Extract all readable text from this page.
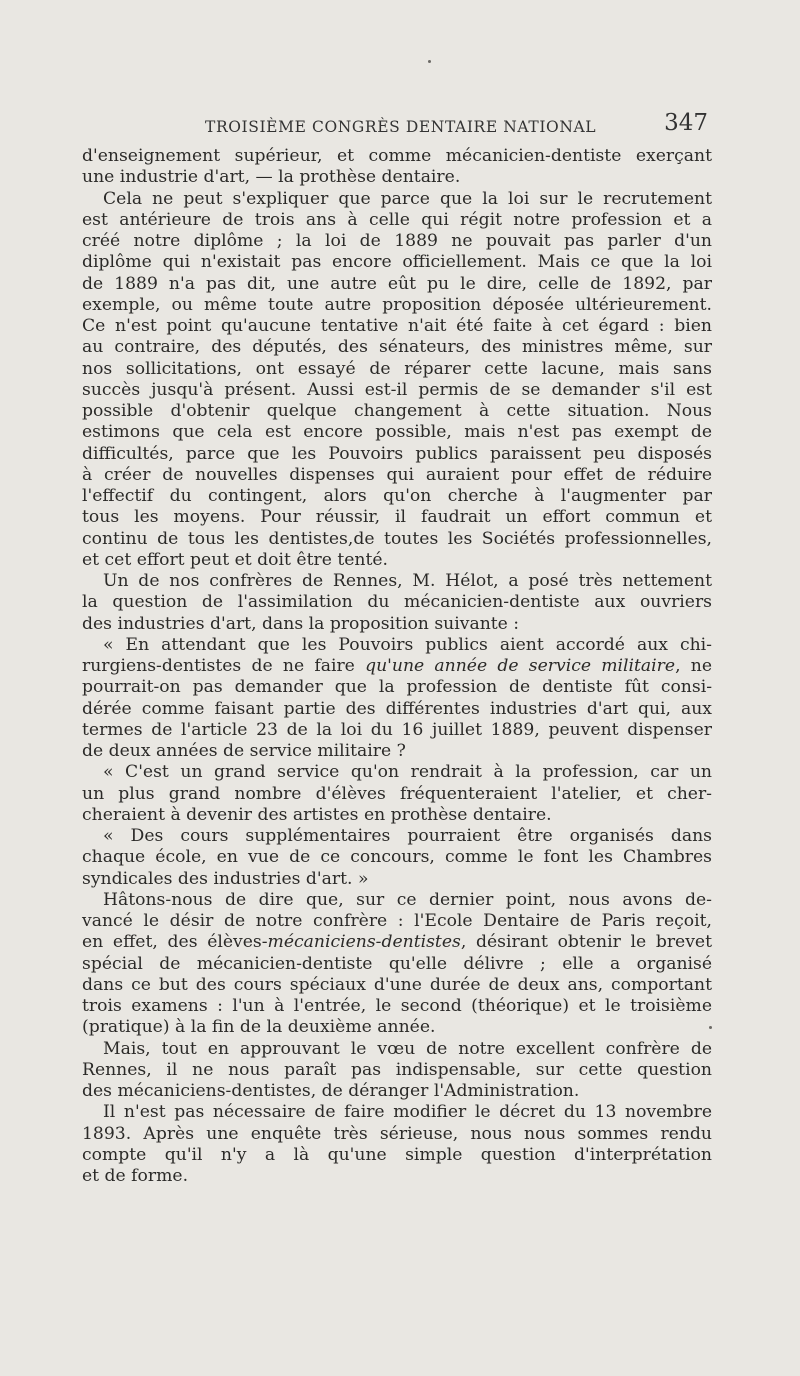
TROISIÈME CONGRÈS DENTAIRE NATIONAL	347
d'enseignement supérieur, et comme mécanicien-dentiste exerçant
une industrie d'art, — la prothèse dentaire.
Cela ne peut s'expliquer que parce que la loi sur le recrutement
est antérieure de trois ans à celle qui régit notre profession et a
créé notre diplôme ; la loi de 1889 ne pouvait pas parler d'un
diplôme qui n'existait pas encore officiellement. Mais ce que la loi
de 1889 n'a pas dit, une autre eût pu le dire, celle de 1892, par
exemple, ou même toute autre proposition déposée ultérieurement.
Ce n'est point qu'aucune tentative n'ait été faite à cet égard : bien
au contraire, des députés, des sénateurs, des ministres même, sur
nos sollicitations, ont essayé de réparer cette lacune, mais sans
succès jusqu'à présent. Aussi est-il permis de se demander s'il est
possible d'obtenir quelque changement à cette situation. Nous
estimons que cela est encore possible, mais n'est pas exempt de
difficultés, parce que les Pouvoirs publics paraissent peu disposés
à créer de nouvelles dispenses qui auraient pour effet de réduire
l'effectif du contingent, alors qu'on cherche à l'augmenter par
tous les moyens. Pour réussir, il faudrait un effort commun et
continu de tous les dentistes,de toutes les Sociétés professionnelles,
et cet effort peut et doit être tenté.
Un de nos confrères de Rennes, M. Hélot, a posé très nettement
la question de l'assimilation du mécanicien-dentiste aux ouvriers
des industries d'art, dans la proposition suivante :
« En attendant que les Pouvoirs publics aient accordé aux chi-
rurgiens-dentistes de ne faire qu'une année de service militaire, ne
pourrait-on pas demander que la profession de dentiste fût consi-
dérée comme faisant partie des différentes industries d'art qui, aux
termes de l'article 23 de la loi du 16 juillet 1889, peuvent dispenser
de deux années de service militaire ?
« C'est un grand service qu'on rendrait à la profession, car un
un plus grand nombre d'élèves fréquenteraient l'atelier, et cher-
cheraient à devenir des artistes en prothèse dentaire.
« Des cours supplémentaires pourraient être organisés dans
chaque école, en vue de ce concours, comme le font les Chambres
syndicales des industries d'art. »
Hâtons-nous de dire que, sur ce dernier point, nous avons de-
vancé le désir de notre confrère : l'Ecole Dentaire de Paris reçoit,
en effet, des élèves-mécaniciens-dentistes, désirant obtenir le brevet
spécial de mécanicien-dentiste qu'elle délivre ; elle a organisé
dans ce but des cours spéciaux d'une durée de deux ans, comportant
trois examens : l'un à l'entrée, le second (théorique) et le troisième
(pratique) à la fin de la deuxième année.
Mais, tout en approuvant le vœu de notre excellent confrère de
Rennes, il ne nous paraît pas indispensable, sur cette question
des mécaniciens-dentistes, de déranger l'Administration.
Il n'est pas nécessaire de faire modifier le décret du 13 novembre
1893. Après une enquête très sérieuse, nous nous sommes rendu
compte qu'il n'y a là qu'une simple question d'interprétation
et de forme.
